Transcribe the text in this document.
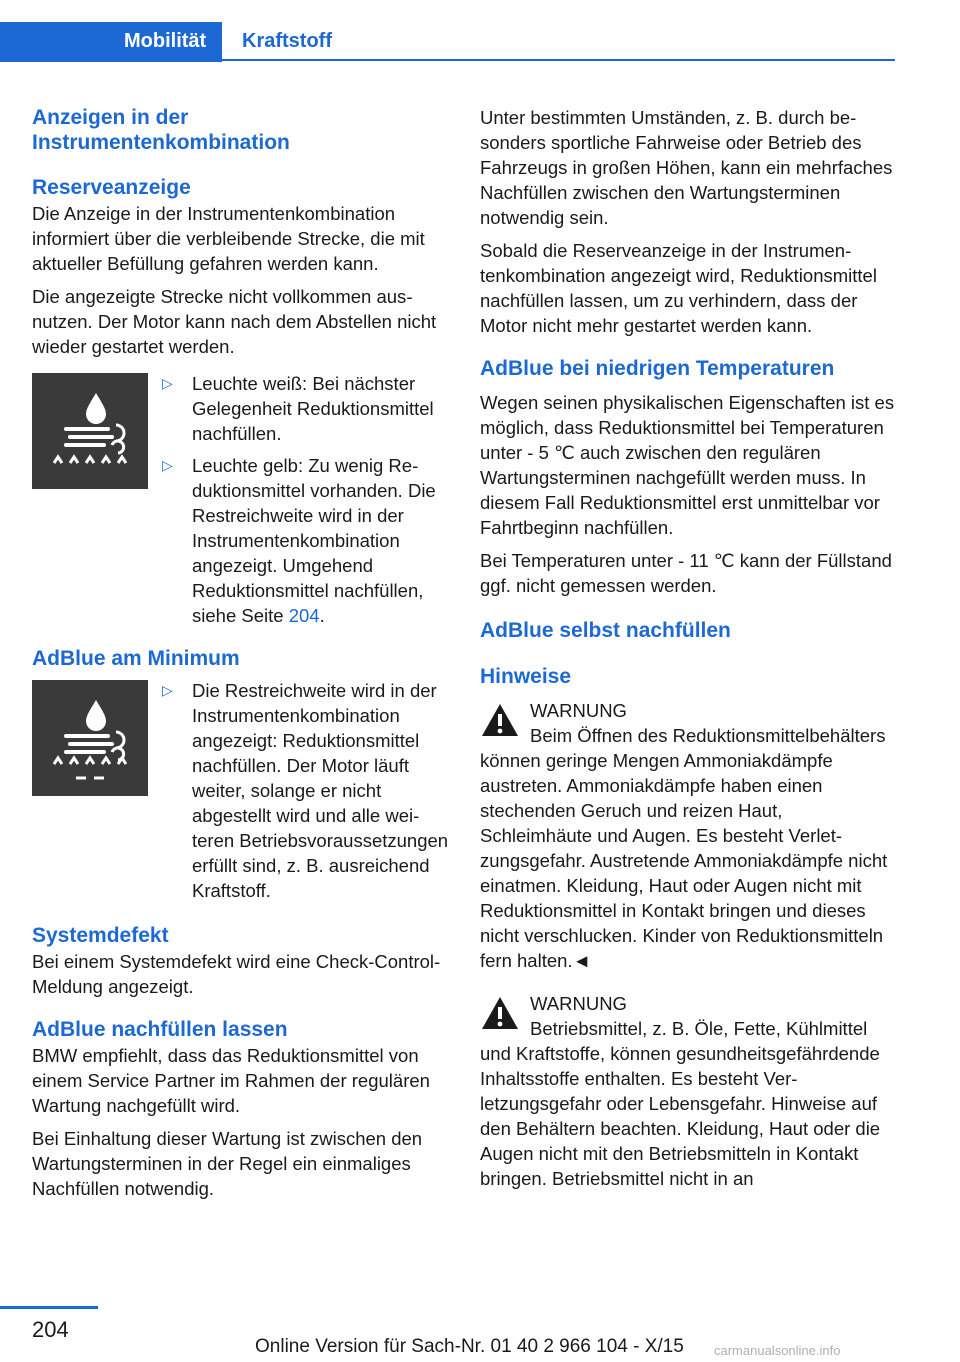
Mobilität Kraftstoff
Anzeigen in der Instrumentenkombination
Reserveanzeige

Die Anzeige in der Instrumentenkombination informiert über die verbleibende Strecke, die mit aktueller Befüllung gefahren werden kann.

Die angezeigte Strecke nicht vollkommen ausnutzen. Der Motor kann nach dem Abstellen nicht wieder gestartet werden.

▷ Leuchte weiß: Bei nächster Gelegenheit Reduktionsmittel nachfüllen.
▷ Leuchte gelb: Zu wenig Reduktionsmittel vorhanden. Die Restreichweite wird in der Instrumentenkombination angezeigt. Umgehend Reduktionsmittel nachfüllen, siehe Seite 204.
AdBlue am Minimum
▷ Die Restreichweite wird in der Instrumentenkombination angezeigt: Reduktionsmittel nachfüllen. Der Motor läuft weiter, solange er nicht abgestellt wird und alle weiteren Betriebsvoraussetzungen erfüllt sind, z. B. ausreichend Kraftstoff.
Systemdefekt

Bei einem Systemdefekt wird eine Check-Control-Meldung angezeigt.

AdBlue nachfüllen lassen

BMW empfiehlt, dass das Reduktionsmittel von einem Service Partner im Rahmen der regulären Wartung nachgefüllt wird.

Bei Einhaltung dieser Wartung ist zwischen den Wartungsterminen in der Regel ein einmaliges Nachfüllen notwendig.

Unter bestimmten Umständen, z. B. durch besonders sportliche Fahrweise oder Betrieb des Fahrzeugs in großen Höhen, kann ein mehrfaches Nachfüllen zwischen den Wartungsterminen notwendig sein.

Sobald die Reserveanzeige in der Instrumentenkombination angezeigt wird, Reduktionsmittel nachfüllen lassen, um zu verhindern, dass der Motor nicht mehr gestartet werden kann.

AdBlue bei niedrigen Temperaturen

Wegen seinen physikalischen Eigenschaften ist es möglich, dass Reduktionsmittel bei Temperaturen unter - 5 ℃ auch zwischen den regulären Wartungsterminen nachgefüllt werden muss. In diesem Fall Reduktionsmittel erst unmittelbar vor Fahrtbeginn nachfüllen.

Bei Temperaturen unter - 11 ℃ kann der Füllstand ggf. nicht gemessen werden.

AdBlue selbst nachfüllen
Hinweise

WARNUNG

Beim Öffnen des Reduktionsmittelbehälters können geringe Mengen Ammoniakdämpfe austreten. Ammoniakdämpfe haben einen stechenden Geruch und reizen Haut, Schleimhäute und Augen. Es besteht Verletzungsgefahr. Austretende Ammoniakdämpfe nicht einatmen. Kleidung, Haut oder Augen nicht mit Reduktionsmittel in Kontakt bringen und dieses nicht verschlucken. Kinder von Reduktionsmitteln fern halten.◄

WARNUNG

Betriebsmittel, z. B. Öle, Fette, Kühlmittel und Kraftstoffe, können gesundheitsgefährdende Inhaltsstoffe enthalten. Es besteht Verletzungsgefahr oder Lebensgefahr. Hinweise auf den Behältern beachten. Kleidung, Haut oder die Augen nicht mit den Betriebsmitteln in Kontakt bringen. Betriebsmittel nicht in an

204
Online Version für Sach-Nr. 01 40 2 966 104 - X/15 carmanualsonline.info
